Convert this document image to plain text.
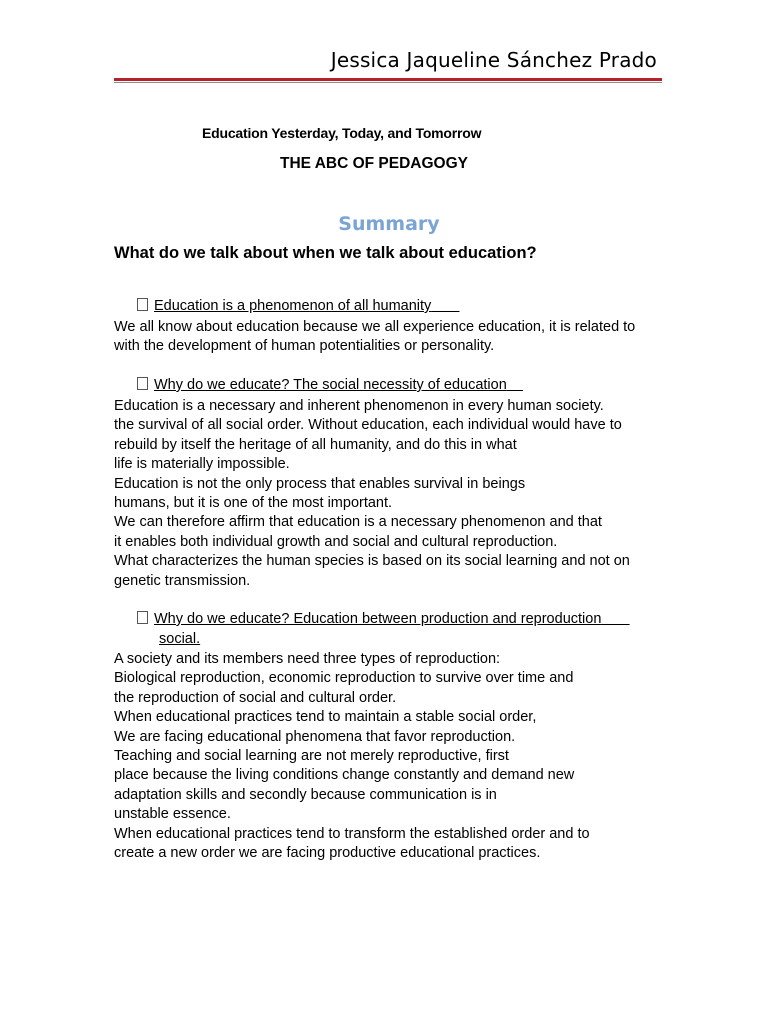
Jessica Jaqueline Sánchez Prado
Education Yesterday, Today, and Tomorrow
THE ABC OF PEDAGOGY
Summary
What do we talk about when we talk about education?
Education is a phenomenon of all humanity

We all know about education because we all experience education, it is related to

with the development of human potentialities or personality.

Why do we educate? The social necessity of education

Education is a necessary and inherent phenomenon in every human society.

the survival of all social order. Without education, each individual would have to

rebuild by itself the heritage of all humanity, and do this in what

life is materially impossible.

Education is not the only process that enables survival in beings

humans, but it is one of the most important.

We can therefore affirm that education is a necessary phenomenon and that

it enables both individual growth and social and cultural reproduction.

What characterizes the human species is based on its social learning and not on

genetic transmission.

Why do we educate? Education between production and reproduction
social.

A society and its members need three types of reproduction:

Biological reproduction, economic reproduction to survive over time and

the reproduction of social and cultural order.

When educational practices tend to maintain a stable social order,

We are facing educational phenomena that favor reproduction.

Teaching and social learning are not merely reproductive, first

place because the living conditions change constantly and demand new

adaptation skills and secondly because communication is in

unstable essence.

When educational practices tend to transform the established order and to

create a new order we are facing productive educational practices.
